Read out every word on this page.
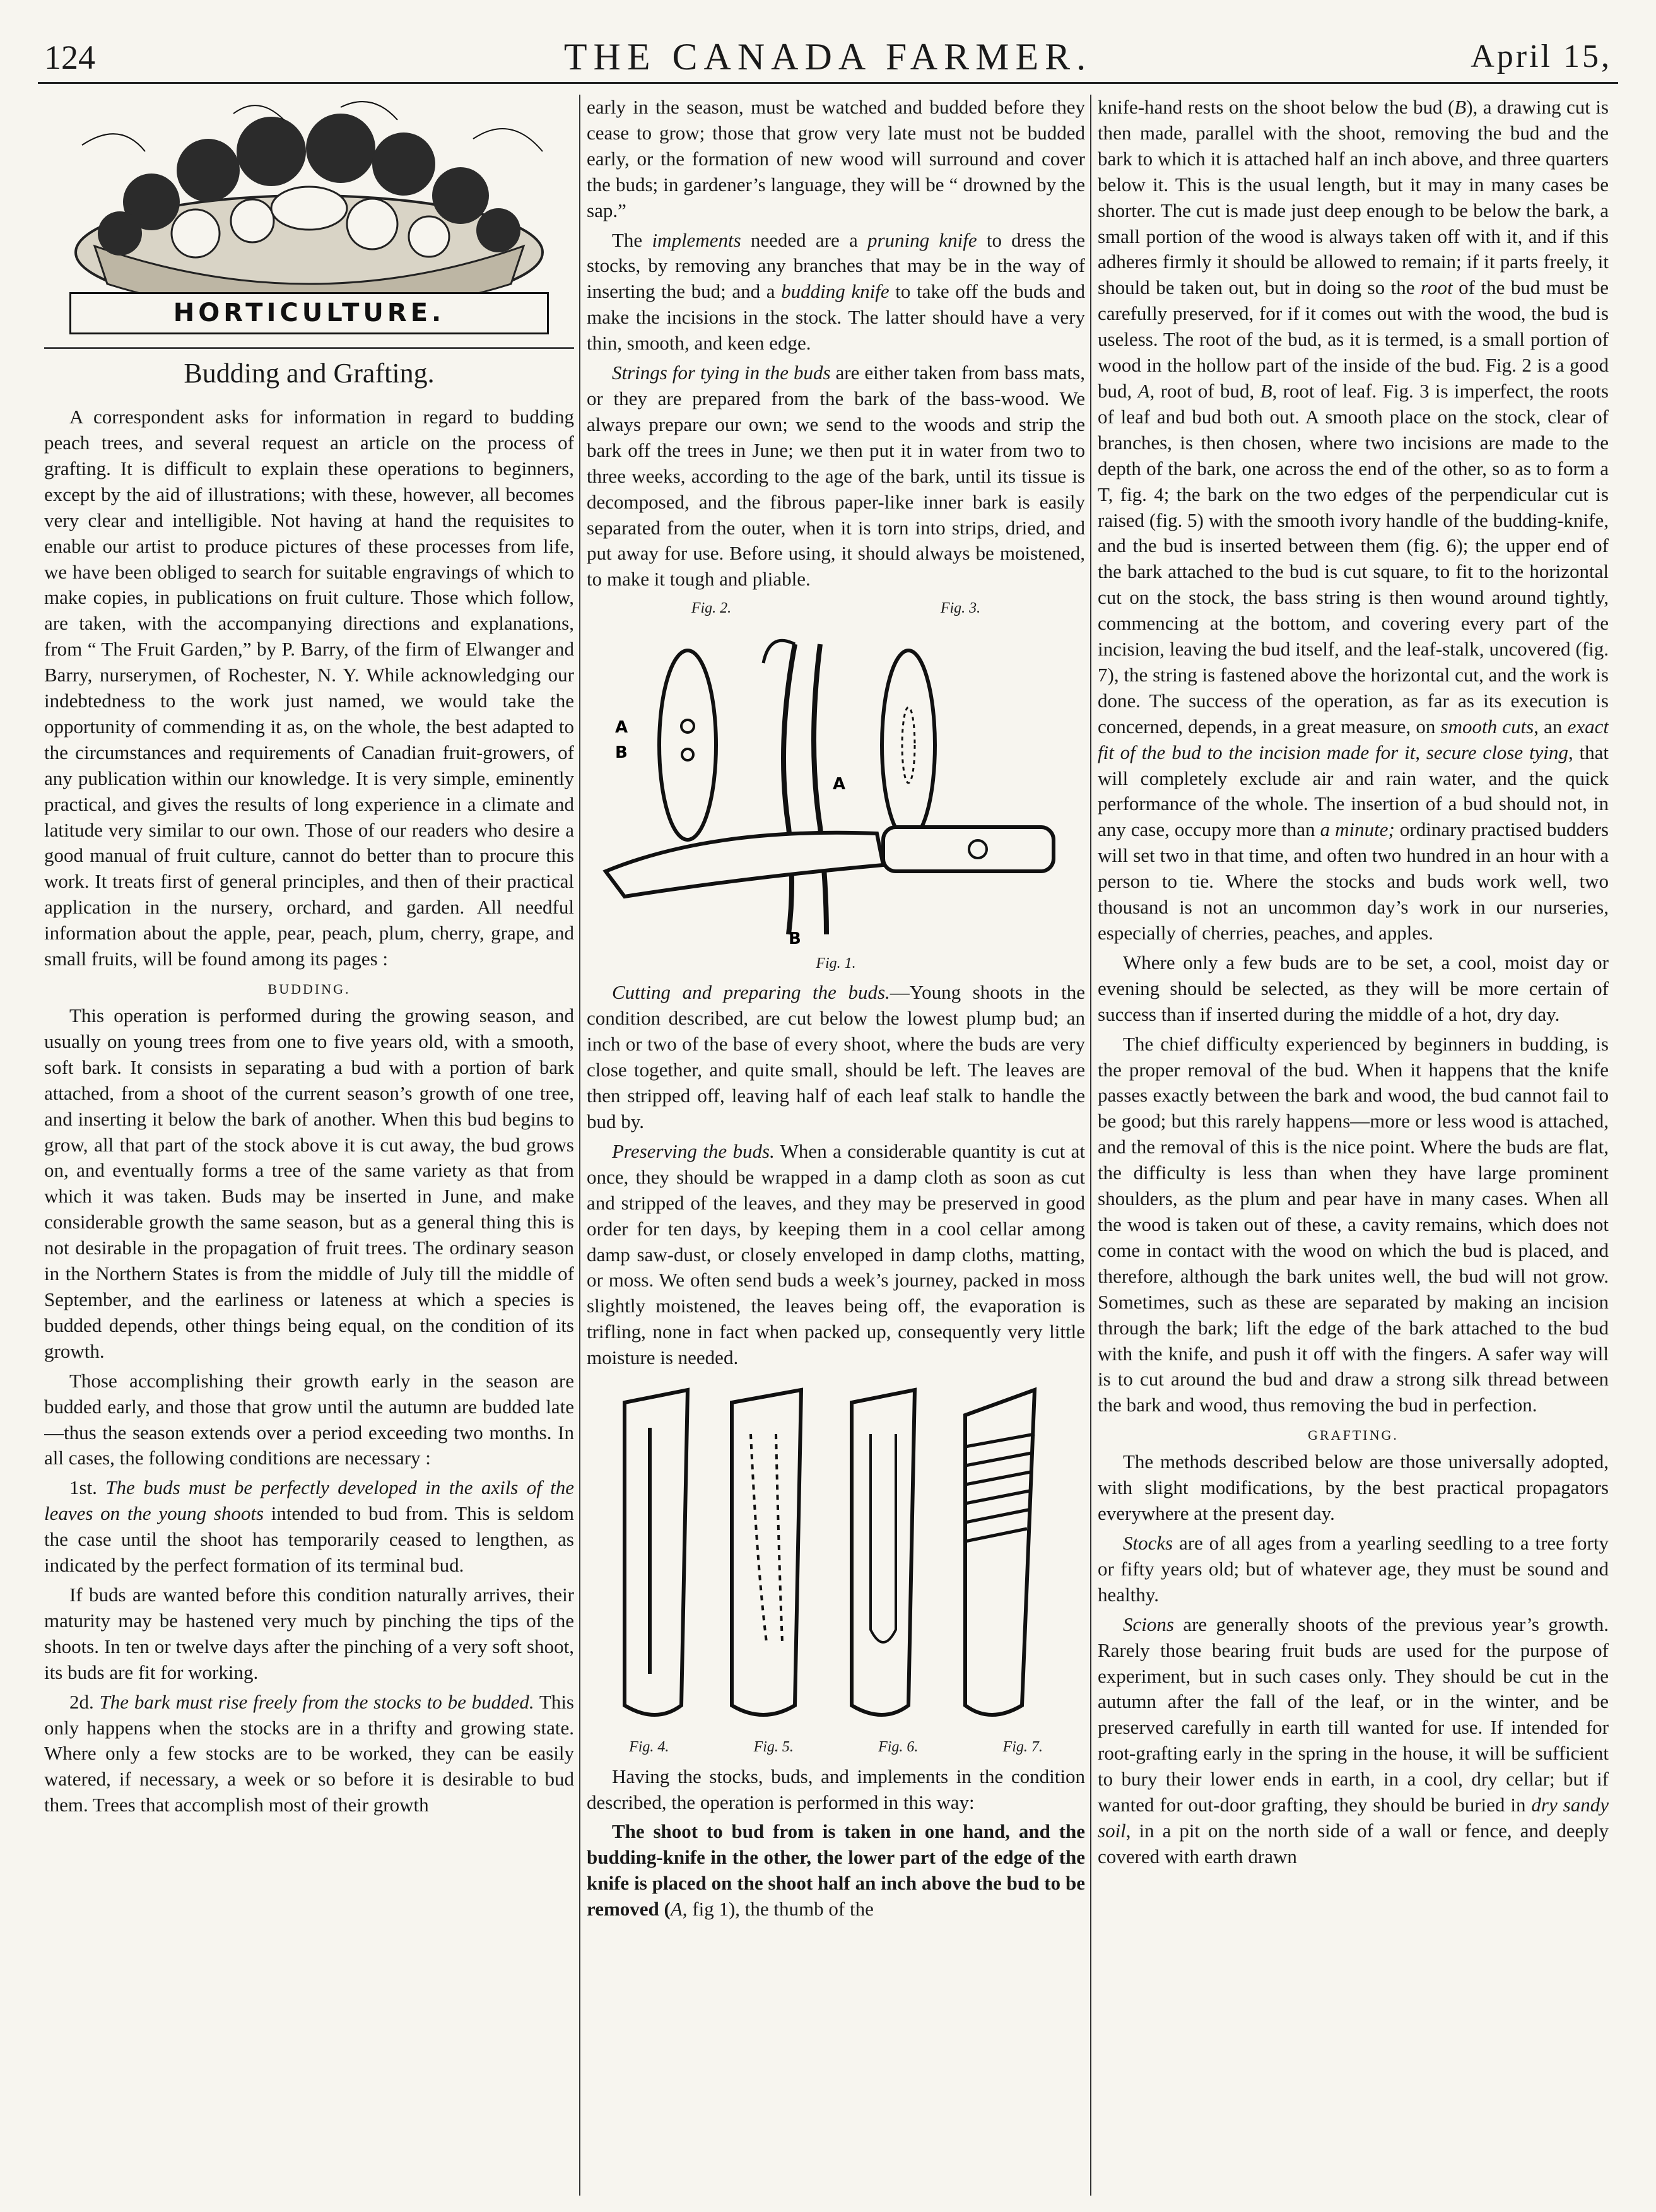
124	THE CANADA FARMER.	April 15,
HORTICULTURE.
Budding and Grafting.

A correspondent asks for information in regard to budding peach trees, and several request an article on the process of grafting. It is difficult to explain these operations to beginners, except by the aid of illustrations; with these, however, all becomes very clear and intelligible. Not having at hand the requisites to enable our artist to produce pictures of these processes from life, we have been obliged to search for suitable engravings of which to make copies, in publications on fruit culture. Those which follow, are taken, with the accompanying directions and explanations, from “ The Fruit Garden,” by P. Barry, of the firm of Elwanger and Barry, nurserymen, of Rochester, N. Y. While acknowledging our indebtedness to the work just named, we would take the opportunity of commending it as, on the whole, the best adapted to the circumstances and requirements of Canadian fruit-growers, of any publication within our knowledge. It is very simple, eminently practical, and gives the results of long experience in a climate and latitude very similar to our own. Those of our readers who desire a good manual of fruit culture, cannot do better than to procure this work. It treats first of general principles, and then of their practical application in the nursery, orchard, and garden. All needful information about the apple, pear, peach, plum, cherry, grape, and small fruits, will be found among its pages :

BUDDING.

This operation is performed during the growing season, and usually on young trees from one to five years old, with a smooth, soft bark. It consists in separating a bud with a portion of bark attached, from a shoot of the current season’s growth of one tree, and inserting it below the bark of another. When this bud begins to grow, all that part of the stock above it is cut away, the bud grows on, and eventually forms a tree of the same variety as that from which it was taken. Buds may be inserted in June, and make considerable growth the same season, but as a general thing this is not desirable in the propagation of fruit trees. The ordinary season in the Northern States is from the middle of July till the middle of September, and the earliness or lateness at which a species is budded depends, other things being equal, on the condition of its growth.

Those accomplishing their growth early in the season are budded early, and those that grow until the autumn are budded late—thus the season extends over a period exceeding two months. In all cases, the following conditions are necessary :

1st. The buds must be perfectly developed in the axils of the leaves on the young shoots intended to bud from. This is seldom the case until the shoot has temporarily ceased to lengthen, as indicated by the perfect formation of its terminal bud.

If buds are wanted before this condition naturally arrives, their maturity may be hastened very much by pinching the tips of the shoots. In ten or twelve days after the pinching of a very soft shoot, its buds are fit for working.

2d. The bark must rise freely from the stocks to be budded. This only happens when the stocks are in a thrifty and growing state. Where only a few stocks are to be worked, they can be easily watered, if necessary, a week or so before it is desirable to bud them. Trees that accomplish most of their growth

early in the season, must be watched and budded before they cease to grow; those that grow very late must not be budded early, or the formation of new wood will surround and cover the buds; in gardener’s language, they will be “ drowned by the sap.”

The implements needed are a pruning knife to dress the stocks, by removing any branches that may be in the way of inserting the bud; and a budding knife to take off the buds and make the incisions in the stock. The latter should have a very thin, smooth, and keen edge.

Strings for tying in the buds are either taken from bass mats, or they are prepared from the bark of the bass-wood. We always prepare our own; we send to the woods and strip the bark off the trees in June; we then put it in water from two to three weeks, according to the age of the bark, until its tissue is decomposed, and the fibrous paper-like inner bark is easily separated from the outer, when it is torn into strips, dried, and put away for use. Before using, it should always be moistened, to make it tough and pliable.

Fig. 2.	Fig. 3.
A
B
A
B
Fig. 1.

Cutting and preparing the buds.—Young shoots in the condition described, are cut below the lowest plump bud; an inch or two of the base of every shoot, where the buds are very close together, and quite small, should be left. The leaves are then stripped off, leaving half of each leaf stalk to handle the bud by.

Preserving the buds. When a considerable quantity is cut at once, they should be wrapped in a damp cloth as soon as cut and stripped of the leaves, and they may be preserved in good order for ten days, by keeping them in a cool cellar among damp saw-dust, or closely enveloped in damp cloths, matting, or moss. We often send buds a week’s journey, packed in moss slightly moistened, the leaves being off, the evaporation is trifling, none in fact when packed up, consequently very little moisture is needed.

Fig. 4.	Fig. 5.	Fig. 6.	Fig. 7.

Having the stocks, buds, and implements in the condition described, the operation is performed in this way:

The shoot to bud from is taken in one hand, and the budding-knife in the other, the lower part of the edge of the knife is placed on the shoot half an inch above the bud to be removed (A, fig 1), the thumb of the

knife-hand rests on the shoot below the bud (B), a drawing cut is then made, parallel with the shoot, removing the bud and the bark to which it is attached half an inch above, and three quarters below it. This is the usual length, but it may in many cases be shorter. The cut is made just deep enough to be below the bark, a small portion of the wood is always taken off with it, and if this adheres firmly it should be allowed to remain; if it parts freely, it should be taken out, but in doing so the root of the bud must be carefully preserved, for if it comes out with the wood, the bud is useless. The root of the bud, as it is termed, is a small portion of wood in the hollow part of the inside of the bud. Fig. 2 is a good bud, A, root of bud, B, root of leaf. Fig. 3 is imperfect, the roots of leaf and bud both out. A smooth place on the stock, clear of branches, is then chosen, where two incisions are made to the depth of the bark, one across the end of the other, so as to form a T, fig. 4; the bark on the two edges of the perpendicular cut is raised (fig. 5) with the smooth ivory handle of the budding-knife, and the bud is inserted between them (fig. 6); the upper end of the bark attached to the bud is cut square, to fit to the horizontal cut on the stock, the bass string is then wound around tightly, commencing at the bottom, and covering every part of the incision, leaving the bud itself, and the leaf-stalk, uncovered (fig. 7), the string is fastened above the horizontal cut, and the work is done. The success of the operation, as far as its execution is concerned, depends, in a great measure, on smooth cuts, an exact fit of the bud to the incision made for it, secure close tying, that will completely exclude air and rain water, and the quick performance of the whole. The insertion of a bud should not, in any case, occupy more than a minute; ordinary practised budders will set two in that time, and often two hundred in an hour with a person to tie. Where the stocks and buds work well, two thousand is not an uncommon day’s work in our nurseries, especially of cherries, peaches, and apples.

Where only a few buds are to be set, a cool, moist day or evening should be selected, as they will be more certain of success than if inserted during the middle of a hot, dry day.

The chief difficulty experienced by beginners in budding, is the proper removal of the bud. When it happens that the knife passes exactly between the bark and wood, the bud cannot fail to be good; but this rarely happens—more or less wood is attached, and the removal of this is the nice point. Where the buds are flat, the difficulty is less than when they have large prominent shoulders, as the plum and pear have in many cases. When all the wood is taken out of these, a cavity remains, which does not come in contact with the wood on which the bud is placed, and therefore, although the bark unites well, the bud will not grow. Sometimes, such as these are separated by making an incision through the bark; lift the edge of the bark attached to the bud with the knife, and push it off with the fingers. A safer way will is to cut around the bud and draw a strong silk thread between the bark and wood, thus removing the bud in perfection.

GRAFTING.

The methods described below are those universally adopted, with slight modifications, by the best practical propagators everywhere at the present day.

Stocks are of all ages from a yearling seedling to a tree forty or fifty years old; but of whatever age, they must be sound and healthy.

Scions are generally shoots of the previous year’s growth. Rarely those bearing fruit buds are used for the purpose of experiment, but in such cases only. They should be cut in the autumn after the fall of the leaf, or in the winter, and be preserved carefully in earth till wanted for use. If intended for root-grafting early in the spring in the house, it will be sufficient to bury their lower ends in earth, in a cool, dry cellar; but if wanted for out-door grafting, they should be buried in dry sandy soil, in a pit on the north side of a wall or fence, and deeply covered with earth drawn
